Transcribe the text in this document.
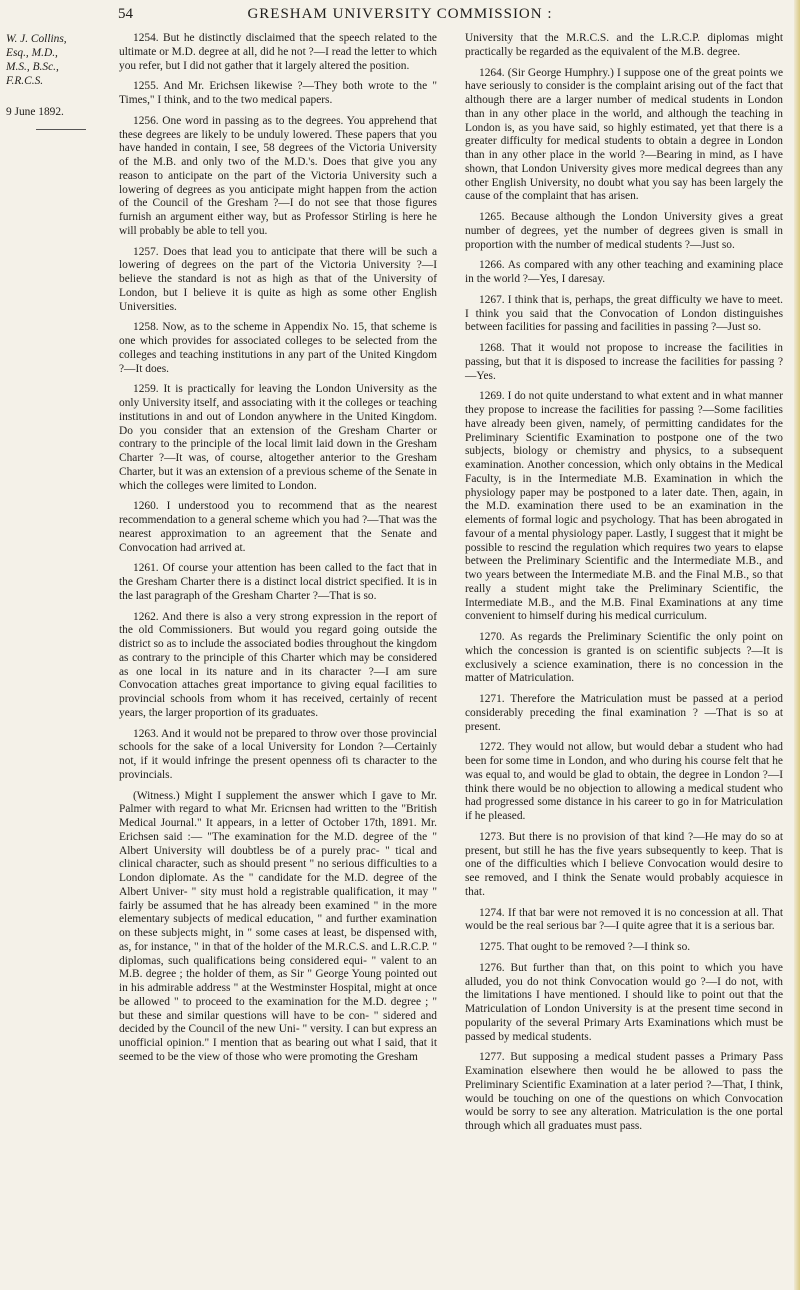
54	GRESHAM UNIVERSITY COMMISSION :
W. J. Collins,
Esq., M.D.,
M.S., B.Sc.,
F.R.C.S.
9 June 1892.

1254. But he distinctly disclaimed that the speech related to the ultimate or M.D. degree at all, did he not ?—I read the letter to which you refer, but I did not gather that it largely altered the position.

1255. And Mr. Erichsen likewise ?—They both wrote to the " Times," I think, and to the two medical papers.

1256. One word in passing as to the degrees. You apprehend that these degrees are likely to be unduly lowered. These papers that you have handed in contain, I see, 58 degrees of the Victoria University of the M.B. and only two of the M.D.'s. Does that give you any reason to anticipate on the part of the Victoria University such a lowering of degrees as you anticipate might happen from the action of the Council of the Gresham ?—I do not see that those figures furnish an argument either way, but as Professor Stirling is here he will probably be able to tell you.

1257. Does that lead you to anticipate that there will be such a lowering of degrees on the part of the Victoria University ?—I believe the standard is not as high as that of the University of London, but I believe it is quite as high as some other English Universities.

1258. Now, as to the scheme in Appendix No. 15, that scheme is one which provides for associated colleges to be selected from the colleges and teaching institutions in any part of the United Kingdom ?—It does.

1259. It is practically for leaving the London University as the only University itself, and associating with it the colleges or teaching institutions in and out of London anywhere in the United Kingdom. Do you consider that an extension of the Gresham Charter or contrary to the principle of the local limit laid down in the Gresham Charter ?—It was, of course, altogether anterior to the Gresham Charter, but it was an extension of a previous scheme of the Senate in which the colleges were limited to London.

1260. I understood you to recommend that as the nearest recommendation to a general scheme which you had ?—That was the nearest approximation to an agreement that the Senate and Convocation had arrived at.

1261. Of course your attention has been called to the fact that in the Gresham Charter there is a distinct local district specified. It is in the last paragraph of the Gresham Charter ?—That is so.

1262. And there is also a very strong expression in the report of the old Commissioners. But would you regard going outside the district so as to include the associated bodies throughout the kingdom as contrary to the principle of this Charter which may be considered as one local in its nature and in its character ?—I am sure Convocation attaches great importance to giving equal facilities to provincial schools from whom it has received, certainly of recent years, the larger proportion of its graduates.

1263. And it would not be prepared to throw over those provincial schools for the sake of a local University for London ?—Certainly not, if it would infringe the present openness ofi ts character to the provincials.

(Witness.) Might I supplement the answer which I gave to Mr. Palmer with regard to what Mr. Ericnsen had written to the "British Medical Journal." It appears, in a letter of October 17th, 1891. Mr. Erichsen said :— "The examination for the M.D. degree of the " Albert University will doubtless be of a purely prac- " tical and clinical character, such as should present " no serious difficulties to a London diplomate. As the " candidate for the M.D. degree of the Albert Univer- " sity must hold a registrable qualification, it may " fairly be assumed that he has already been examined " in the more elementary subjects of medical education, " and further examination on these subjects might, in " some cases at least, be dispensed with, as, for instance, " in that of the holder of the M.R.C.S. and L.R.C.P. " diplomas, such qualifications being considered equi- " valent to an M.B. degree ; the holder of them, as Sir " George Young pointed out in his admirable address " at the Westminster Hospital, might at once be allowed " to proceed to the examination for the M.D. degree ; " but these and similar questions will have to be con- " sidered and decided by the Council of the new Uni- " versity. I can but express an unofficial opinion." I mention that as bearing out what I said, that it seemed to be the view of those who were promoting the Gresham

University that the M.R.C.S. and the L.R.C.P. diplomas might practically be regarded as the equivalent of the M.B. degree.

1264. (Sir George Humphry.) I suppose one of the great points we have seriously to consider is the complaint arising out of the fact that although there are a larger number of medical students in London than in any other place in the world, and although the teaching in London is, as you have said, so highly estimated, yet that there is a greater difficulty for medical students to obtain a degree in London than in any other place in the world ?—Bearing in mind, as I have shown, that London University gives more medical degrees than any other English University, no doubt what you say has been largely the cause of the complaint that has arisen.

1265. Because although the London University gives a great number of degrees, yet the number of degrees given is small in proportion with the number of medical students ?—Just so.

1266. As compared with any other teaching and examining place in the world ?—Yes, I daresay.

1267. I think that is, perhaps, the great difficulty we have to meet. I think you said that the Convocation of London distinguishes between facilities for passing and facilities in passing ?—Just so.

1268. That it would not propose to increase the facilities in passing, but that it is disposed to increase the facilities for passing ?—Yes.

1269. I do not quite understand to what extent and in what manner they propose to increase the facilities for passing ?—Some facilities have already been given, namely, of permitting candidates for the Preliminary Scientific Examination to postpone one of the two subjects, biology or chemistry and physics, to a subsequent examination. Another concession, which only obtains in the Medical Faculty, is in the Intermediate M.B. Examination in which the physiology paper may be postponed to a later date. Then, again, in the M.D. examination there used to be an examination in the elements of formal logic and psychology. That has been abrogated in favour of a mental physiology paper. Lastly, I suggest that it might be possible to rescind the regulation which requires two years to elapse between the Preliminary Scientific and the Intermediate M.B., and two years between the Intermediate M.B. and the Final M.B., so that really a student might take the Preliminary Scientific, the Intermediate M.B., and the M.B. Final Examinations at any time convenient to himself during his medical curriculum.

1270. As regards the Preliminary Scientific the only point on which the concession is granted is on scientific subjects ?—It is exclusively a science examination, there is no concession in the matter of Matriculation.

1271. Therefore the Matriculation must be passed at a period considerably preceding the final examination ? —That is so at present.

1272. They would not allow, but would debar a student who had been for some time in London, and who during his course felt that he was equal to, and would be glad to obtain, the degree in London ?—I think there would be no objection to allowing a medical student who had progressed some distance in his career to go in for Matriculation if he pleased.

1273. But there is no provision of that kind ?—He may do so at present, but still he has the five years subsequently to keep. That is one of the difficulties which I believe Convocation would desire to see removed, and I think the Senate would probably acquiesce in that.

1274. If that bar were not removed it is no concession at all. That would be the real serious bar ?—I quite agree that it is a serious bar.

1275. That ought to be removed ?—I think so.

1276. But further than that, on this point to which you have alluded, you do not think Convocation would go ?—I do not, with the limitations I have mentioned. I should like to point out that the Matriculation of London University is at the present time second in popularity of the several Primary Arts Examinations which must be passed by medical students.

1277. But supposing a medical student passes a Primary Pass Examination elsewhere then would he be allowed to pass the Preliminary Scientific Examination at a later period ?—That, I think, would be touching on one of the questions on which Convocation would be sorry to see any alteration. Matriculation is the one portal through which all graduates must pass.
